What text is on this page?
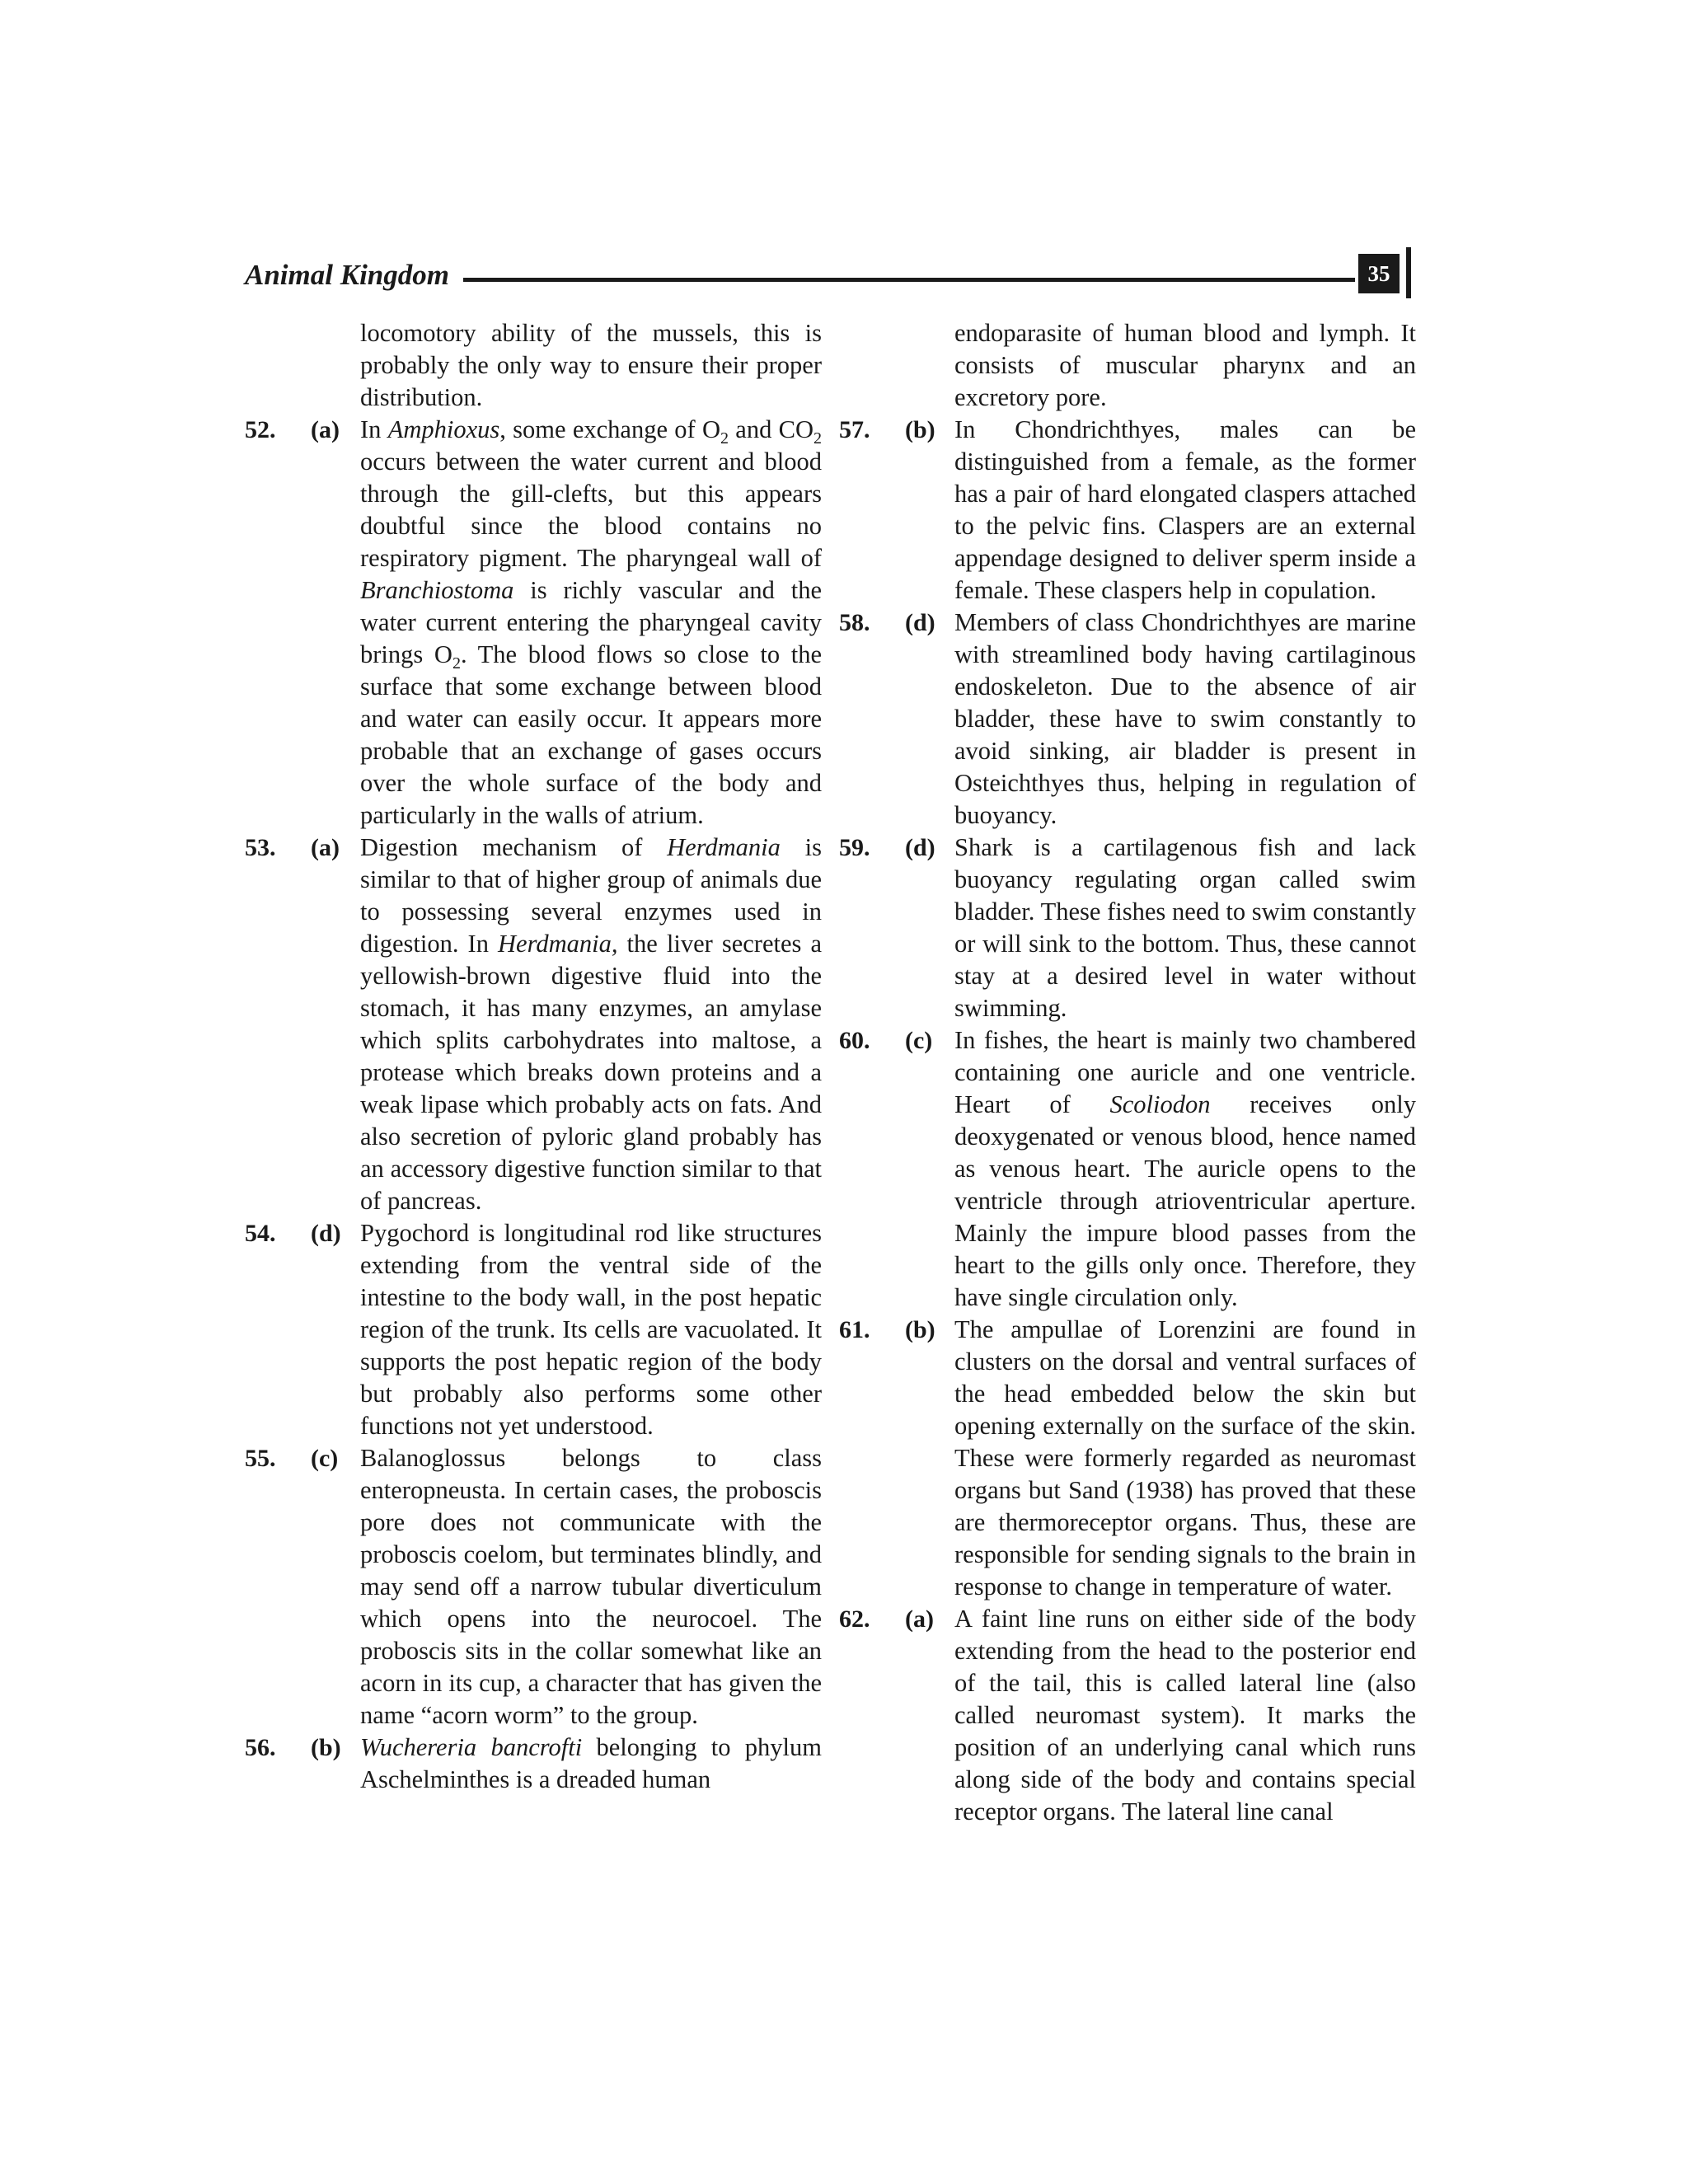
Animal Kingdom	35
locomotory ability of the mussels, this is probably the only way to ensure their proper distribution.
52. (a) In Amphioxus, some exchange of $O_2$ and $CO_2$ occurs between the water current and blood through the gill-clefts, but this appears doubtful since the blood contains no respiratory pigment. The pharyngeal wall of Branchiostoma is richly vascular and the water current entering the pharyngeal cavity brings $O_2$. The blood flows so close to the surface that some exchange between blood and water can easily occur. It appears more probable that an exchange of gases occurs over the whole surface of the body and particularly in the walls of atrium.
53. (a) Digestion mechanism of Herdmania is similar to that of higher group of animals due to possessing several enzymes used in digestion. In Herdmania, the liver secretes a yellowish-brown digestive fluid into the stomach, it has many enzymes, an amylase which splits carbohydrates into maltose, a protease which breaks down proteins and a weak lipase which probably acts on fats. And also secretion of pyloric gland probably has an accessory digestive function similar to that of pancreas.
54. (d) Pygochord is longitudinal rod like structures extending from the ventral side of the intestine to the body wall, in the post hepatic region of the trunk. Its cells are vacuolated. It supports the post hepatic region of the body but probably also performs some other functions not yet understood.
55. (c) Balanoglossus belongs to class enteropneusta. In certain cases, the proboscis pore does not communicate with the proboscis coelom, but terminates blindly, and may send off a narrow tubular diverticulum which opens into the neurocoel. The proboscis sits in the collar somewhat like an acorn in its cup, a character that has given the name “acorn worm” to the group.
56. (b) Wuchereria bancrofti belonging to phylum Aschelminthes is a dreaded human
endoparasite of human blood and lymph. It consists of muscular pharynx and an excretory pore.
57. (b) In Chondrichthyes, males can be distinguished from a female, as the former has a pair of hard elongated claspers attached to the pelvic fins. Claspers are an external appendage designed to deliver sperm inside a female. These claspers help in copulation.
58. (d) Members of class Chondrichthyes are marine with streamlined body having cartilaginous endoskeleton. Due to the absence of air bladder, these have to swim constantly to avoid sinking, air bladder is present in Osteichthyes thus, helping in regulation of buoyancy.
59. (d) Shark is a cartilagenous fish and lack buoyancy regulating organ called swim bladder. These fishes need to swim constantly or will sink to the bottom. Thus, these cannot stay at a desired level in water without swimming.
60. (c) In fishes, the heart is mainly two chambered containing one auricle and one ventricle. Heart of Scoliodon receives only deoxygenated or venous blood, hence named as venous heart. The auricle opens to the ventricle through atrioventricular aperture. Mainly the impure blood passes from the heart to the gills only once. Therefore, they have single circulation only.
61. (b) The ampullae of Lorenzini are found in clusters on the dorsal and ventral surfaces of the head embedded below the skin but opening externally on the surface of the skin. These were formerly regarded as neuromast organs but Sand (1938) has proved that these are thermoreceptor organs. Thus, these are responsible for sending signals to the brain in response to change in temperature of water.
62. (a) A faint line runs on either side of the body extending from the head to the posterior end of the tail, this is called lateral line (also called neuromast system). It marks the position of an underlying canal which runs along side of the body and contains special receptor organs. The lateral line canal
